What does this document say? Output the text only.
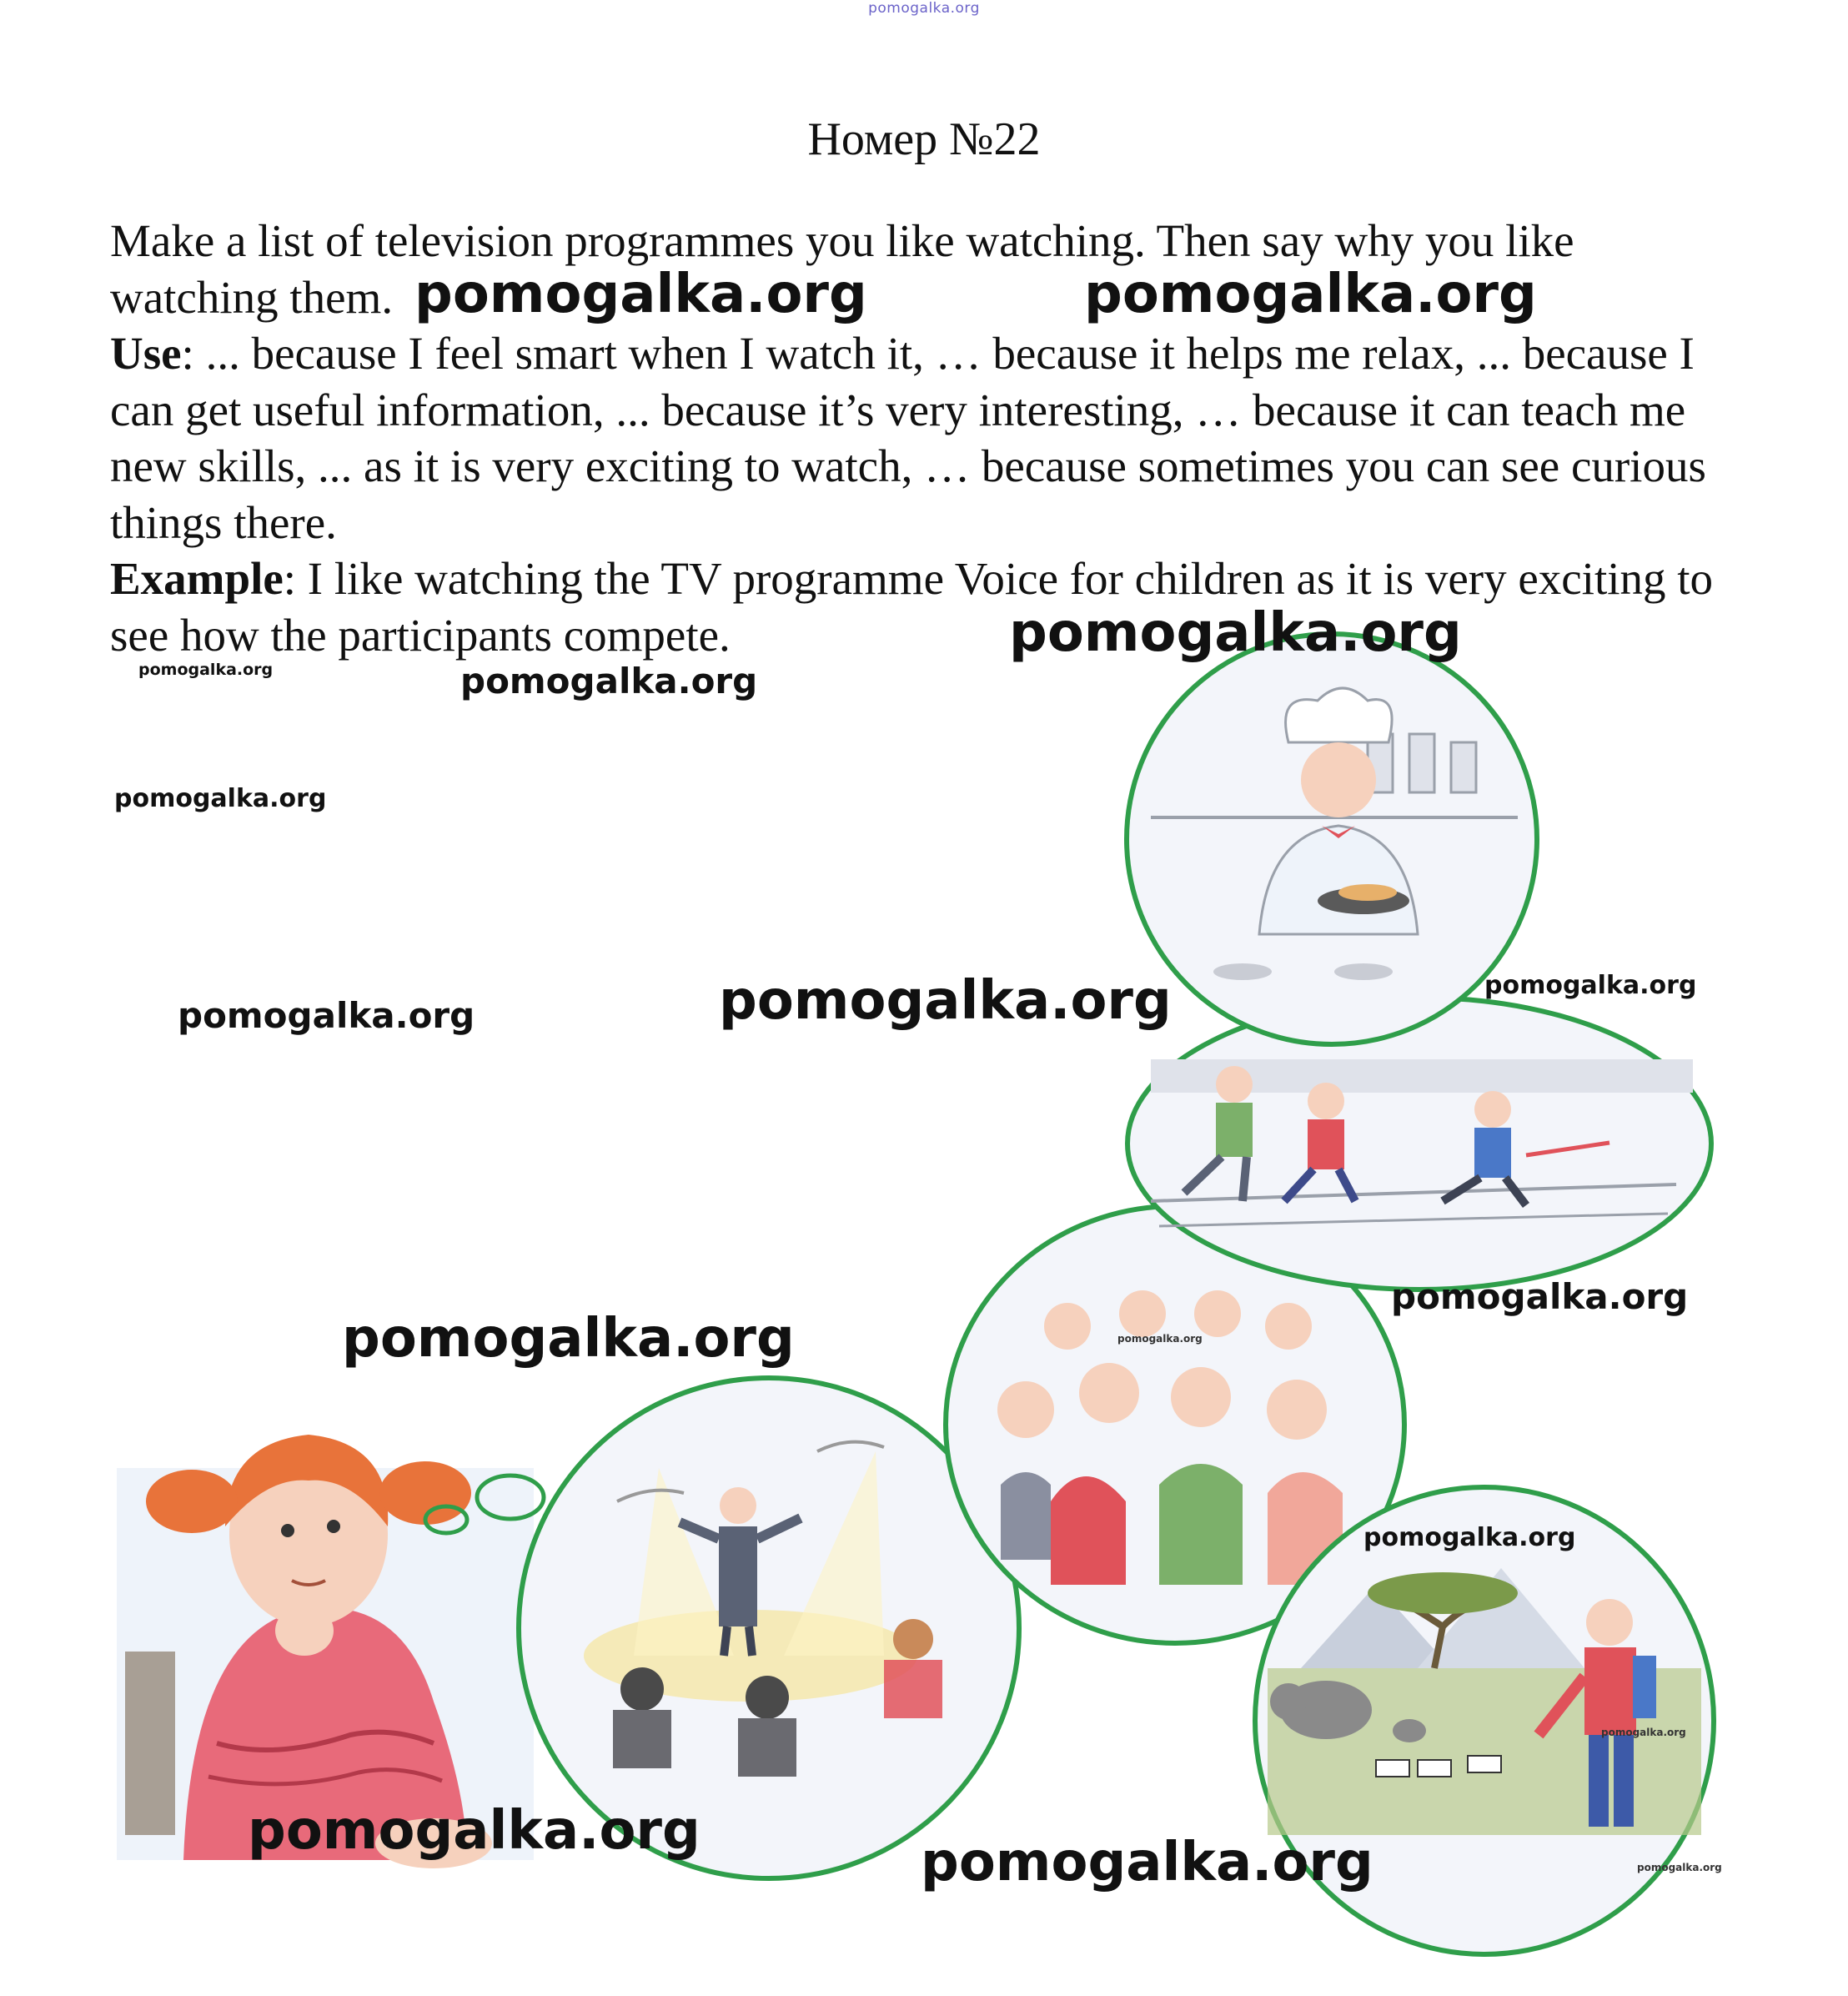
pomogalka.org
Номер №22

Make a list of television programmes you like watching. Then say why you like watching them.

Use: ... because I feel smart when I watch it, … because it helps me relax, ... because I can get useful information, ... because it’s very interesting, … because it can teach me new skills, ... as it is very exciting to watch, … because sometimes you can see curious things there.

Example: I like watching the TV programme Voice for children as it is very exciting to see how the participants compete.

pomogalka.org	pomogalka.org
pomogalka.org
pomogalka.org	pomogalka.org
pomogalka.org
pomogalka.org
pomogalka.org
pomogalka.org
pomogalka.org
pomogalka.org	pomogalka.org
pomogalka.org
pomogalka.org
pomogalka.org
pomogalka.org	pomogalka.org
